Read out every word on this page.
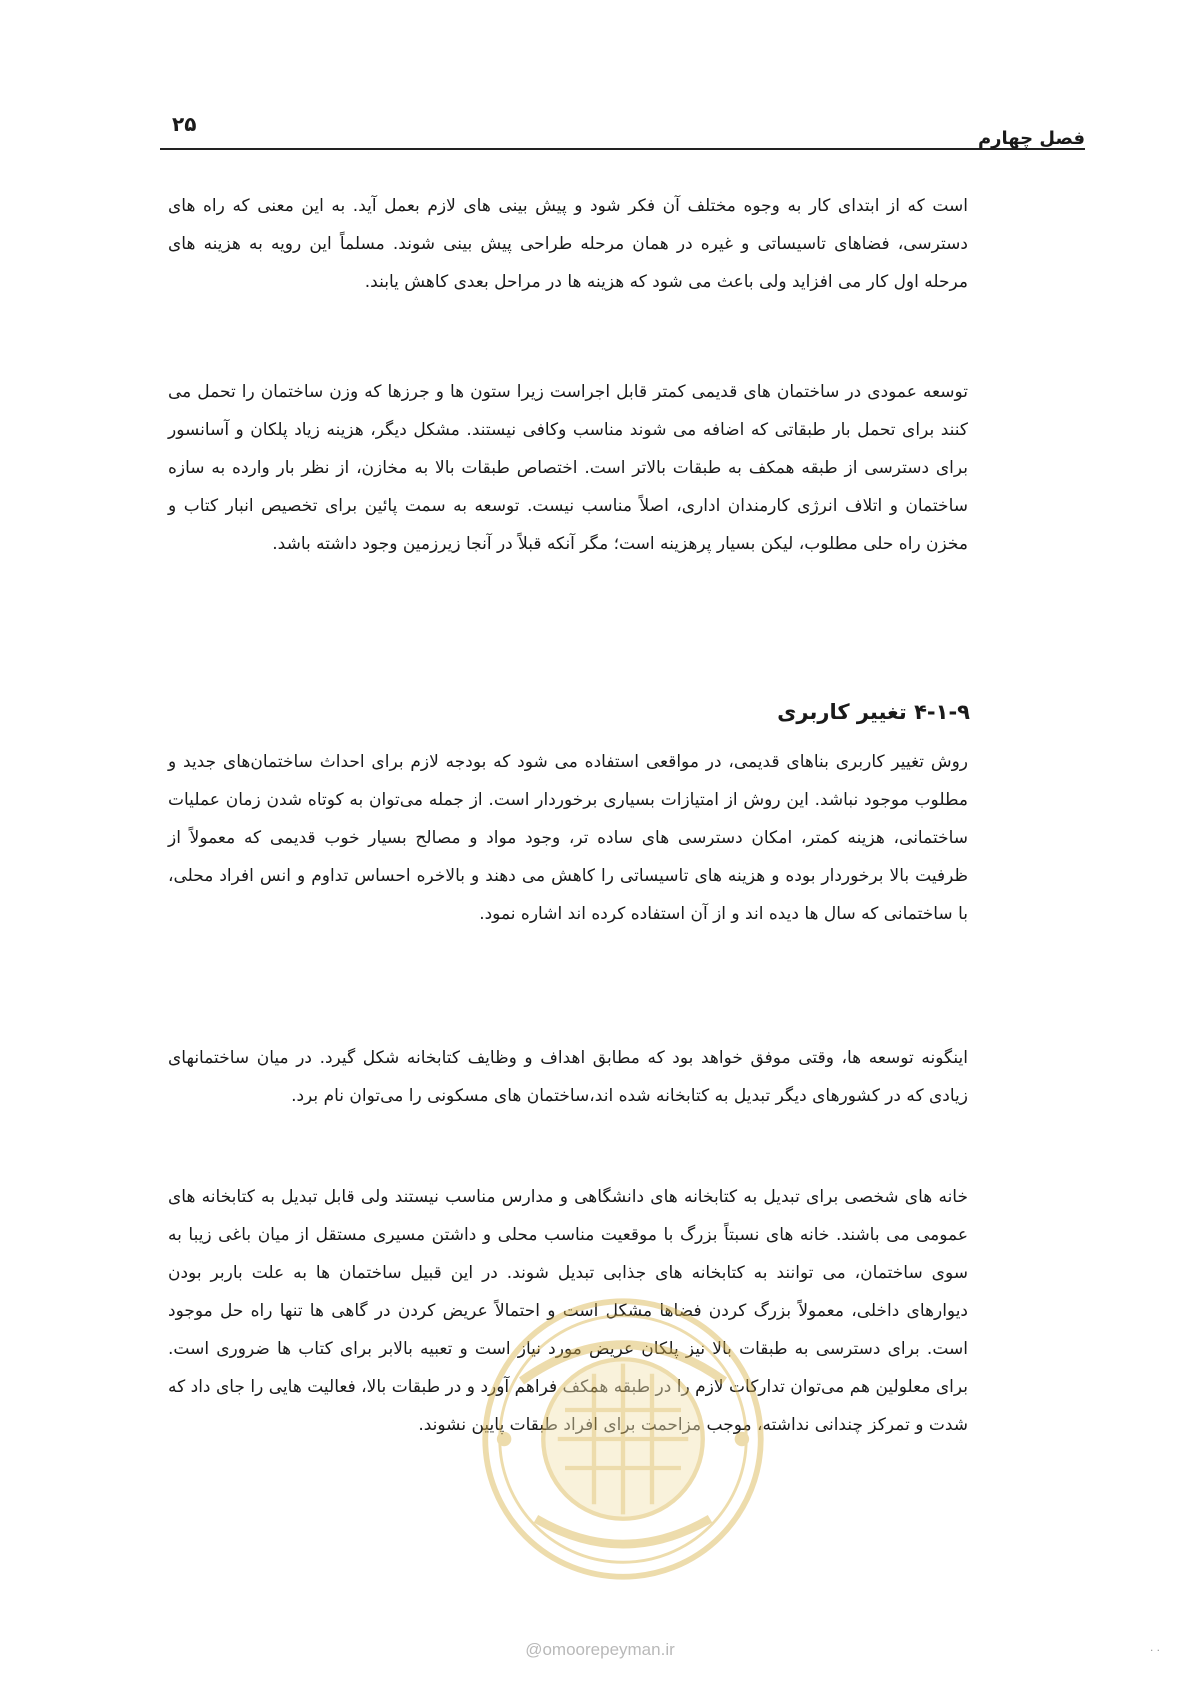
۲۵
فصل چهارم

است که از ابتدای کار به وجوه مختلف آن فکر شود و پیش بینی های لازم بعمل آید. به این معنی که راه های دسترسی، فضاهای تاسیساتی و غیره در همان مرحله طراحی پیش بینی شوند. مسلماً این رویه به هزینه های مرحله اول کار می افزاید ولی باعث می شود که هزینه ها در مراحل بعدی کاهش یابند.

توسعه عمودی در ساختمان های قدیمی کمتر قابل اجراست زیرا ستون ها و جرزها که وزن ساختمان را تحمل می کنند برای تحمل بار طبقاتی که اضافه می شوند مناسب وکافی نیستند. مشکل دیگر، هزینه زیاد پلکان و آسانسور برای دسترسی از طبقه همکف به طبقات بالاتر است. اختصاص طبقات بالا به مخازن، از نظر بار وارده به سازه ساختمان و اتلاف انرژی کارمندان اداری، اصلاً مناسب نیست. توسعه به سمت پائین برای تخصیص انبار کتاب و مخزن راه حلی مطلوب، لیکن بسیار پرهزینه است؛ مگر آنکه قبلاً در آنجا زیرزمین وجود داشته باشد.

۴-۱-۹ تغییر کاربری

روش تغییر کاربری بناهای قدیمی، در مواقعی استفاده می شود که بودجه لازم برای احداث ساختمان‌های جدید و مطلوب موجود نباشد. این روش از امتیازات بسیاری برخوردار است. از جمله می‌توان به کوتاه شدن زمان عملیات ساختمانی، هزینه کمتر، امکان دسترسی های ساده تر، وجود مواد و مصالح بسیار خوب قدیمی که معمولاً از ظرفیت بالا برخوردار بوده و هزینه های تاسیساتی را کاهش می دهند و بالاخره احساس تداوم و انس افراد محلی، با ساختمانی که سال ها دیده اند و از آن استفاده کرده اند اشاره نمود.

اینگونه توسعه ها، وقتی موفق خواهد بود که مطابق اهداف و وظایف کتابخانه شکل گیرد. در میان ساختمانهای زیادی که در کشورهای دیگر تبدیل به کتابخانه شده اند،ساختمان های مسکونی را می‌توان نام برد.

خانه های شخصی برای تبدیل به کتابخانه های دانشگاهی و مدارس مناسب نیستند ولی قابل تبدیل به کتابخانه های عمومی می باشند. خانه های نسبتاً بزرگ با موقعیت مناسب محلی و داشتن مسیری مستقل از میان باغی زیبا به سوی ساختمان، می توانند به کتابخانه های جذابی تبدیل شوند. در این قبیل ساختمان ها به علت باربر بودن دیوارهای داخلی، معمولاً بزرگ کردن فضاها مشکل است و احتمالاً عریض کردن در گاهی ها تنها راه حل موجود است. برای دسترسی به طبقات بالا نیز پلکان عریض مورد نیاز است و تعبیه بالابر برای کتاب ها ضروری است. برای معلولین هم می‌توان تدارکات لازم را در طبقه همکف فراهم آورد و در طبقات بالا، فعالیت هایی را جای داد که شدت و تمرکز چندانی نداشته، موجب مزاحمت برای افراد طبقات پایین نشوند.

@omoorepeyman.ir	. .
